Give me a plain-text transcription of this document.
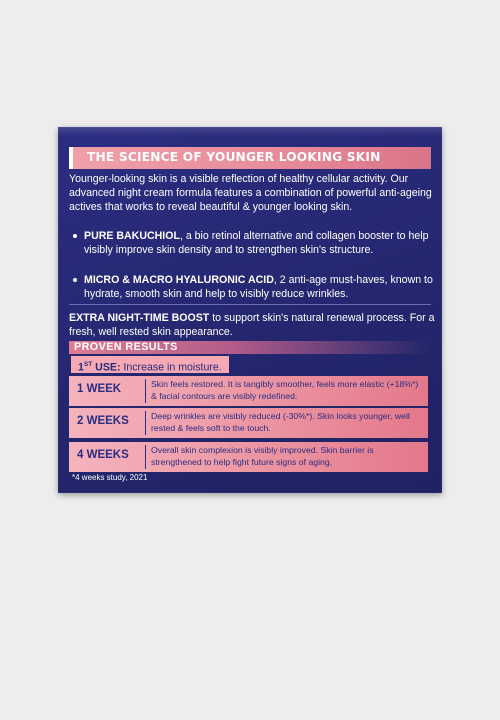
THE SCIENCE OF YOUNGER LOOKING SKIN
Younger-looking skin is a visible reflection of healthy cellular activity. Our advanced night cream formula features a combination of powerful anti-ageing actives that works to reveal beautiful & younger looking skin.
PURE BAKUCHIOL, a bio retinol alternative and collagen booster to help visibly improve skin density and to strengthen skin's structure.
MICRO & MACRO HYALURONIC ACID, 2 anti-age must-haves, known to hydrate, smooth skin and help to visibly reduce wrinkles.
EXTRA NIGHT-TIME BOOST to support skin's natural renewal process. For a fresh, well rested skin appearance.
PROVEN RESULTS
1ST USE: Increase in moisture.
1 WEEK	Skin feels restored. It is tangibly smoother, feels more elastic (+18%*) & facial contours are visibly redefined.
2 WEEKS	Deep wrinkles are visibly reduced (-30%*). Skin looks younger, well rested & feels soft to the touch.
4 WEEKS	Overall skin complexion is visibly improved. Skin barrier is strengthened to help fight future signs of aging.
*4 weeks study, 2021
